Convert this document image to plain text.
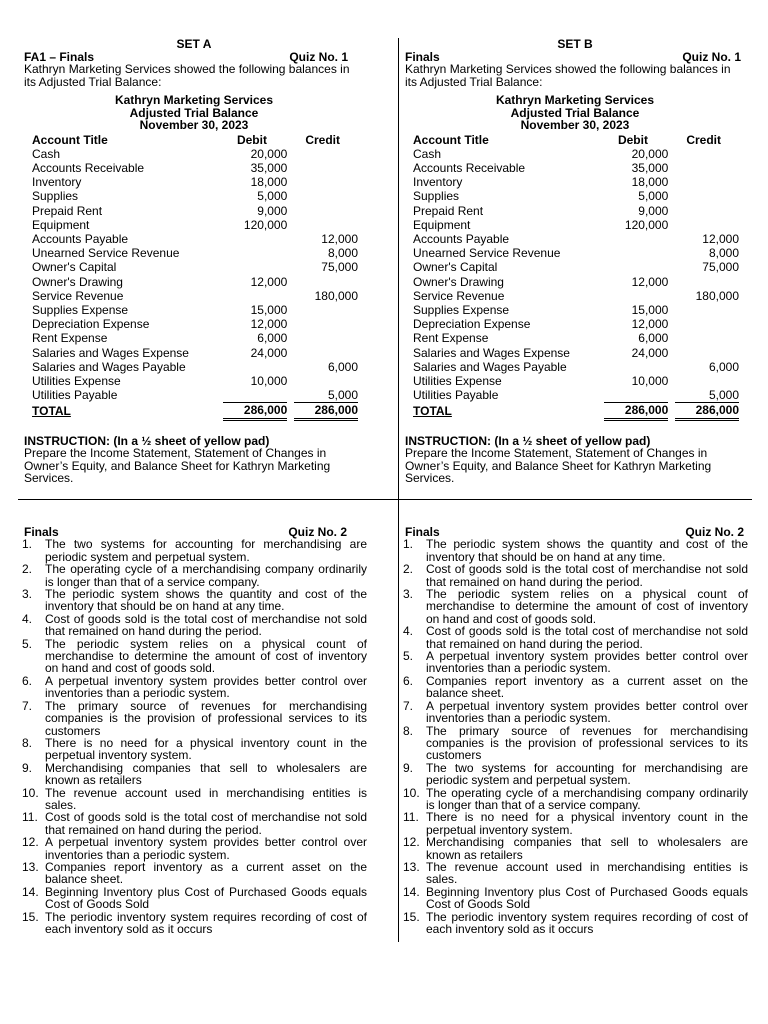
SET A
FA1 – Finals	Quiz No. 1
Kathryn Marketing Services showed the following balances in its Adjusted Trial Balance:
Kathryn Marketing Services
Adjusted Trial Balance
November 30, 2023
Account Title	Debit	Credit
Cash	20,000	
Accounts Receivable	35,000	
Inventory	18,000	
Supplies	5,000	
Prepaid Rent	9,000	
Equipment	120,000	
Accounts Payable		12,000
Unearned Service Revenue		8,000
Owner's Capital		75,000
Owner's Drawing	12,000	
Service Revenue		180,000
Supplies Expense	15,000	
Depreciation Expense	12,000	
Rent Expense	6,000	
Salaries and Wages Expense	24,000	
Salaries and Wages Payable		6,000
Utilities Expense	10,000	
Utilities Payable		5,000
TOTAL	286,000	286,000
INSTRUCTION: (In a ½ sheet of yellow pad)
Prepare the Income Statement, Statement of Changes in Owner’s Equity, and Balance Sheet for Kathryn Marketing Services.
SET B
Finals	Quiz No. 1
Kathryn Marketing Services showed the following balances in its Adjusted Trial Balance:
Kathryn Marketing Services
Adjusted Trial Balance
November 30, 2023
Account Title	Debit	Credit
Cash	20,000	
Accounts Receivable	35,000	
Inventory	18,000	
Supplies	5,000	
Prepaid Rent	9,000	
Equipment	120,000	
Accounts Payable		12,000
Unearned Service Revenue		8,000
Owner's Capital		75,000
Owner's Drawing	12,000	
Service Revenue		180,000
Supplies Expense	15,000	
Depreciation Expense	12,000	
Rent Expense	6,000	
Salaries and Wages Expense	24,000	
Salaries and Wages Payable		6,000
Utilities Expense	10,000	
Utilities Payable		5,000
TOTAL	286,000	286,000
INSTRUCTION: (In a ½ sheet of yellow pad)
Prepare the Income Statement, Statement of Changes in Owner’s Equity, and Balance Sheet for Kathryn Marketing Services.
Finals	Quiz No. 2
1.	The two systems for accounting for merchandising are periodic system and perpetual system.
2.	The operating cycle of a merchandising company ordinarily is longer than that of a service company.
3.	The periodic system shows the quantity and cost of the inventory that should be on hand at any time.
4.	Cost of goods sold is the total cost of merchandise not sold that remained on hand during the period.
5.	The periodic system relies on a physical count of merchandise to determine the amount of cost of inventory on hand and cost of goods sold.
6.	A perpetual inventory system provides better control over inventories than a periodic system.
7.	The primary source of revenues for merchandising companies is the provision of professional services to its customers
8.	There is no need for a physical inventory count in the perpetual inventory system.
9.	Merchandising companies that sell to wholesalers are known as retailers
10. The revenue account used in merchandising entities is sales.
11. Cost of goods sold is the total cost of merchandise not sold that remained on hand during the period.
12. A perpetual inventory system provides better control over inventories than a periodic system.
13. Companies report inventory as a current asset on the balance sheet.
14. Beginning Inventory plus Cost of Purchased Goods equals Cost of Goods Sold
15. The periodic inventory system requires recording of cost of each inventory sold as it occurs
Finals	Quiz No. 2
1.	The periodic system shows the quantity and cost of the inventory that should be on hand at any time.
2.	Cost of goods sold is the total cost of merchandise not sold that remained on hand during the period.
3.	The periodic system relies on a physical count of merchandise to determine the amount of cost of inventory on hand and cost of goods sold.
4.	Cost of goods sold is the total cost of merchandise not sold that remained on hand during the period.
5.	A perpetual inventory system provides better control over inventories than a periodic system.
6.	Companies report inventory as a current asset on the balance sheet.
7.	A perpetual inventory system provides better control over inventories than a periodic system.
8.	The primary source of revenues for merchandising companies is the provision of professional services to its customers
9.	The two systems for accounting for merchandising are periodic system and perpetual system.
10. The operating cycle of a merchandising company ordinarily is longer than that of a service company.
11. There is no need for a physical inventory count in the perpetual inventory system.
12. Merchandising companies that sell to wholesalers are known as retailers
13. The revenue account used in merchandising entities is sales.
14. Beginning Inventory plus Cost of Purchased Goods equals Cost of Goods Sold
15. The periodic inventory system requires recording of cost of each inventory sold as it occurs
